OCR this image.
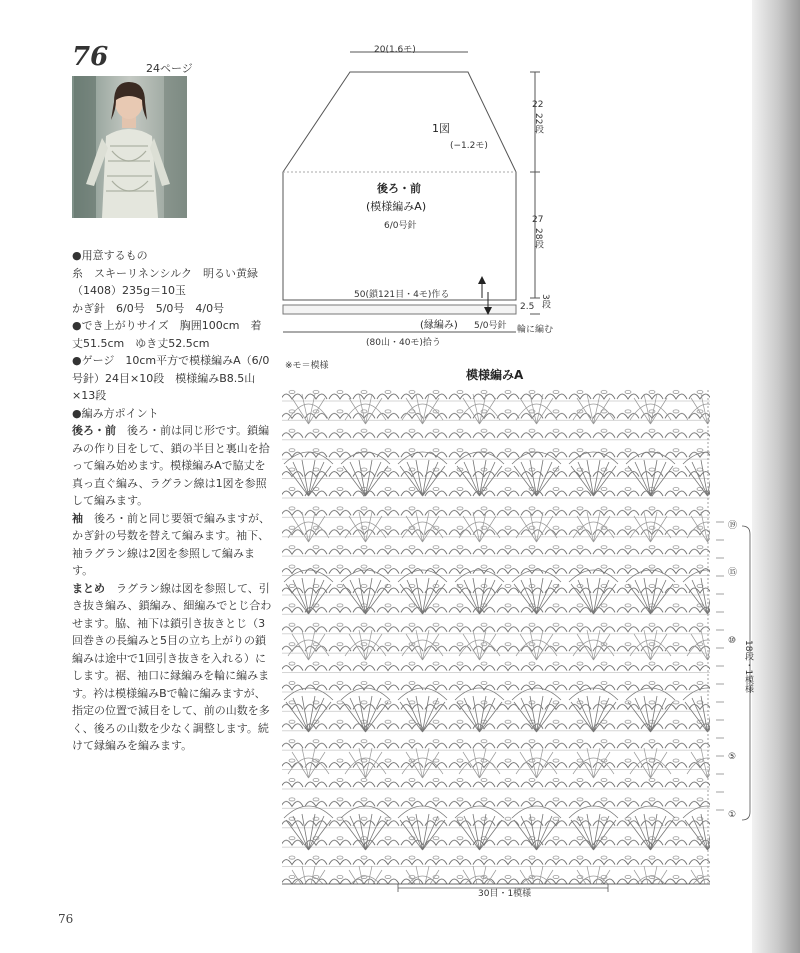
76	24ページ

●用意するもの

糸　スキーリネンシルク　明るい黄緑（1408）235g＝10玉

かぎ針　6/0号　5/0号　4/0号

●でき上がりサイズ　胸囲100cm　着丈51.5cm　ゆき丈52.5cm

●ゲージ　10cm平方で模様編みA（6/0号針）24目×10段　模様編みB8.5山×13段

●編み方ポイント

後ろ・前　 後ろ・前は同じ形です。鎖編みの作り目をして、鎖の半目と裏山を拾って編み始めます。模様編みAで脇丈を真っ直ぐ編み、ラグラン線は1図を参照して編みます。

袖　 後ろ・前と同じ要領で編みますが、かぎ針の号数を替えて編みます。袖下、袖ラグラン線は2図を参照して編みます。

まとめ　 ラグラン線は図を参照して、引き抜き編み、鎖編み、細編みでとじ合わせます。脇、袖下は鎖引き抜きとじ（3回巻きの長編みと5目の立ち上がりの鎖編みは途中で1回引き抜きを入れる）にします。裾、袖口に縁編みを輪に編みます。衿は模様編みBで輪に編みますが、指定の位置で減目をして、前の山数を多く、後ろの山数を少なく調整します。続けて縁編みを編みます。

20(1.6モ)
1図
(−1.2モ)
後ろ・前
(模様編みA)
6/0号針
22
22段
27
28段
50(鎖121目・4モ)作る
2.5 3段
(縁編み) 5/0号針 輪に編む
(80山・40モ)拾う
※モ＝模様
模様編みA
⑲
⑮
⑩
⑤
①
18段・1模様
30目・1模様
76
